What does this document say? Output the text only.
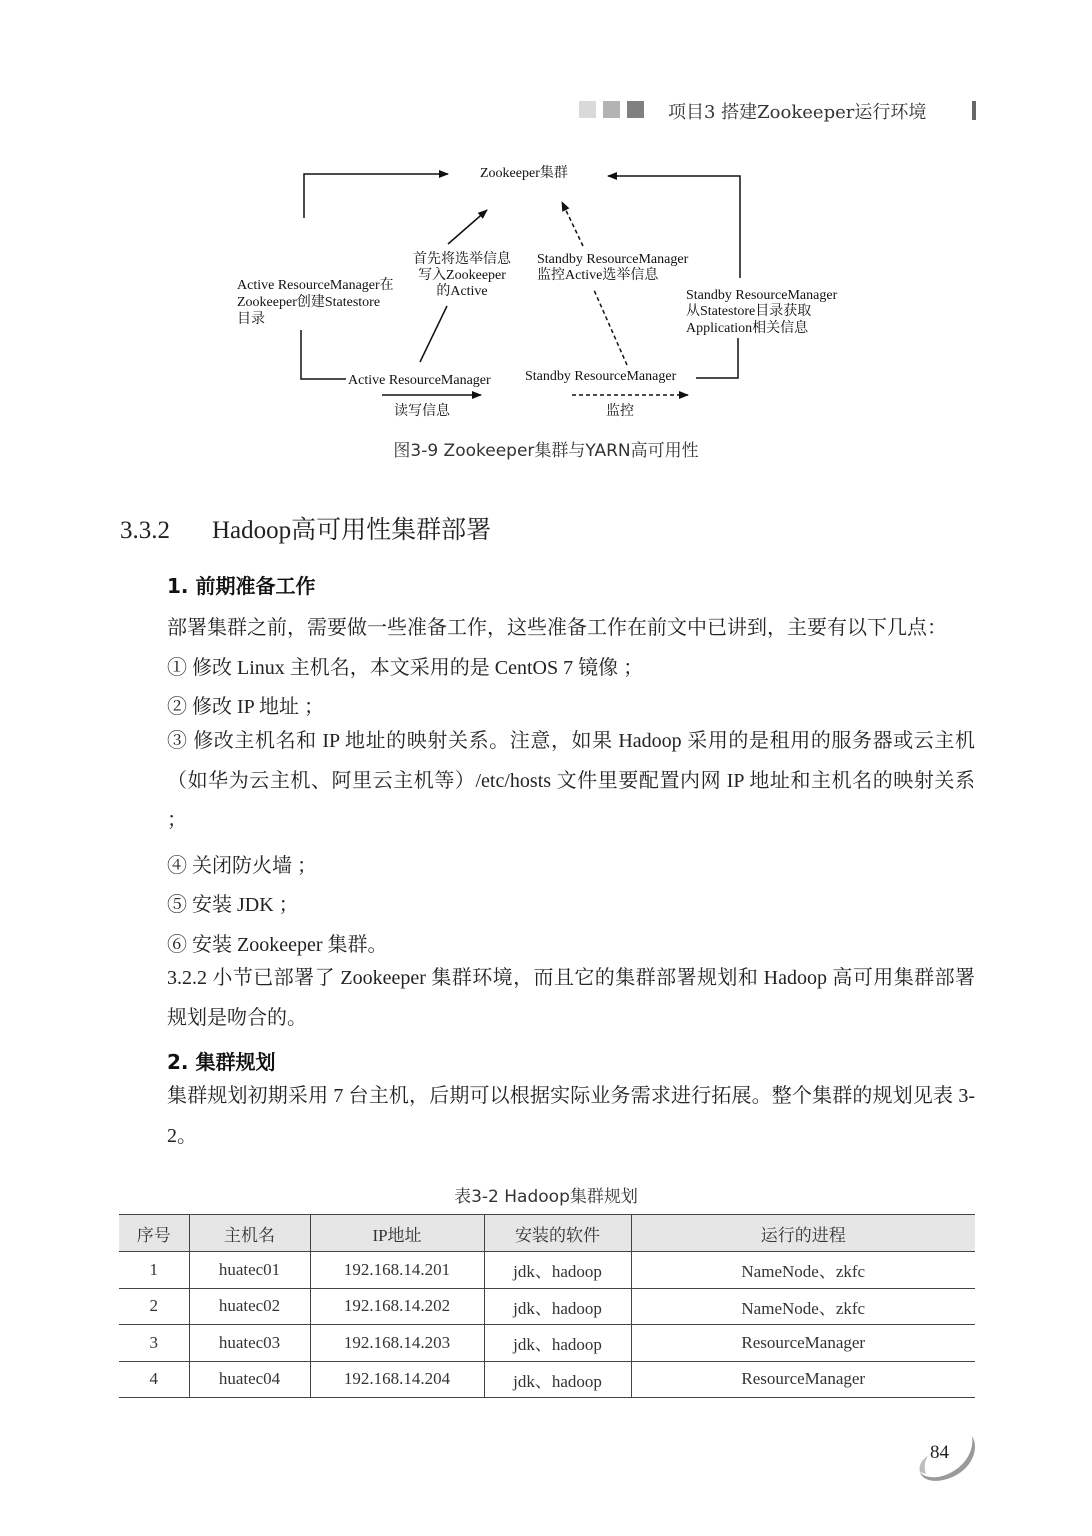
项目3 搭建Zookeeper运行环境
Zookeeper集群
Active ResourceManager在
Zookeeper创建Statestore
目录
首先将选举信息
写入Zookeeper
的Active
Standby ResourceManager
监控Active选举信息
Standby ResourceManager
从Statestore目录获取
Application相关信息
Active ResourceManager Standby ResourceManager
读写信息	监控
图3-9 Zookeeper集群与YARN高可用性
3.3.2 Hadoop高可用性集群部署
1. 前期准备工作
部署集群之前，需要做一些准备工作，这些准备工作在前文中已讲到，主要有以下几点：
① 修改 Linux 主机名，本文采用的是 CentOS 7 镜像 ；
② 修改 IP 地址 ；
③ 修改主机名和 IP 地址的映射关系。注意，如果 Hadoop 采用的是租用的服务器或云主机（如华为云主机、阿里云主机等）/etc/hosts 文件里要配置内网 IP 地址和主机名的映射关系 ；
④ 关闭防火墙 ；
⑤ 安装 JDK ；
⑥ 安装 Zookeeper 集群。
3.2.2 小节已部署了 Zookeeper 集群环境，而且它的集群部署规划和 Hadoop 高可用集群部署规划是吻合的。
2. 集群规划
集群规划初期采用 7 台主机，后期可以根据实际业务需求进行拓展。整个集群的规划见表 3-2。
表3-2 Hadoop集群规划
序号	主机名	IP地址	安装的软件	运行的进程
1	huatec01	192.168.14.201	jdk、hadoop	NameNode、zkfc
2	huatec02	192.168.14.202	jdk、hadoop	NameNode、zkfc
3	huatec03	192.168.14.203	jdk、hadoop	ResourceManager
4	huatec04	192.168.14.204	jdk、hadoop	ResourceManager
84
